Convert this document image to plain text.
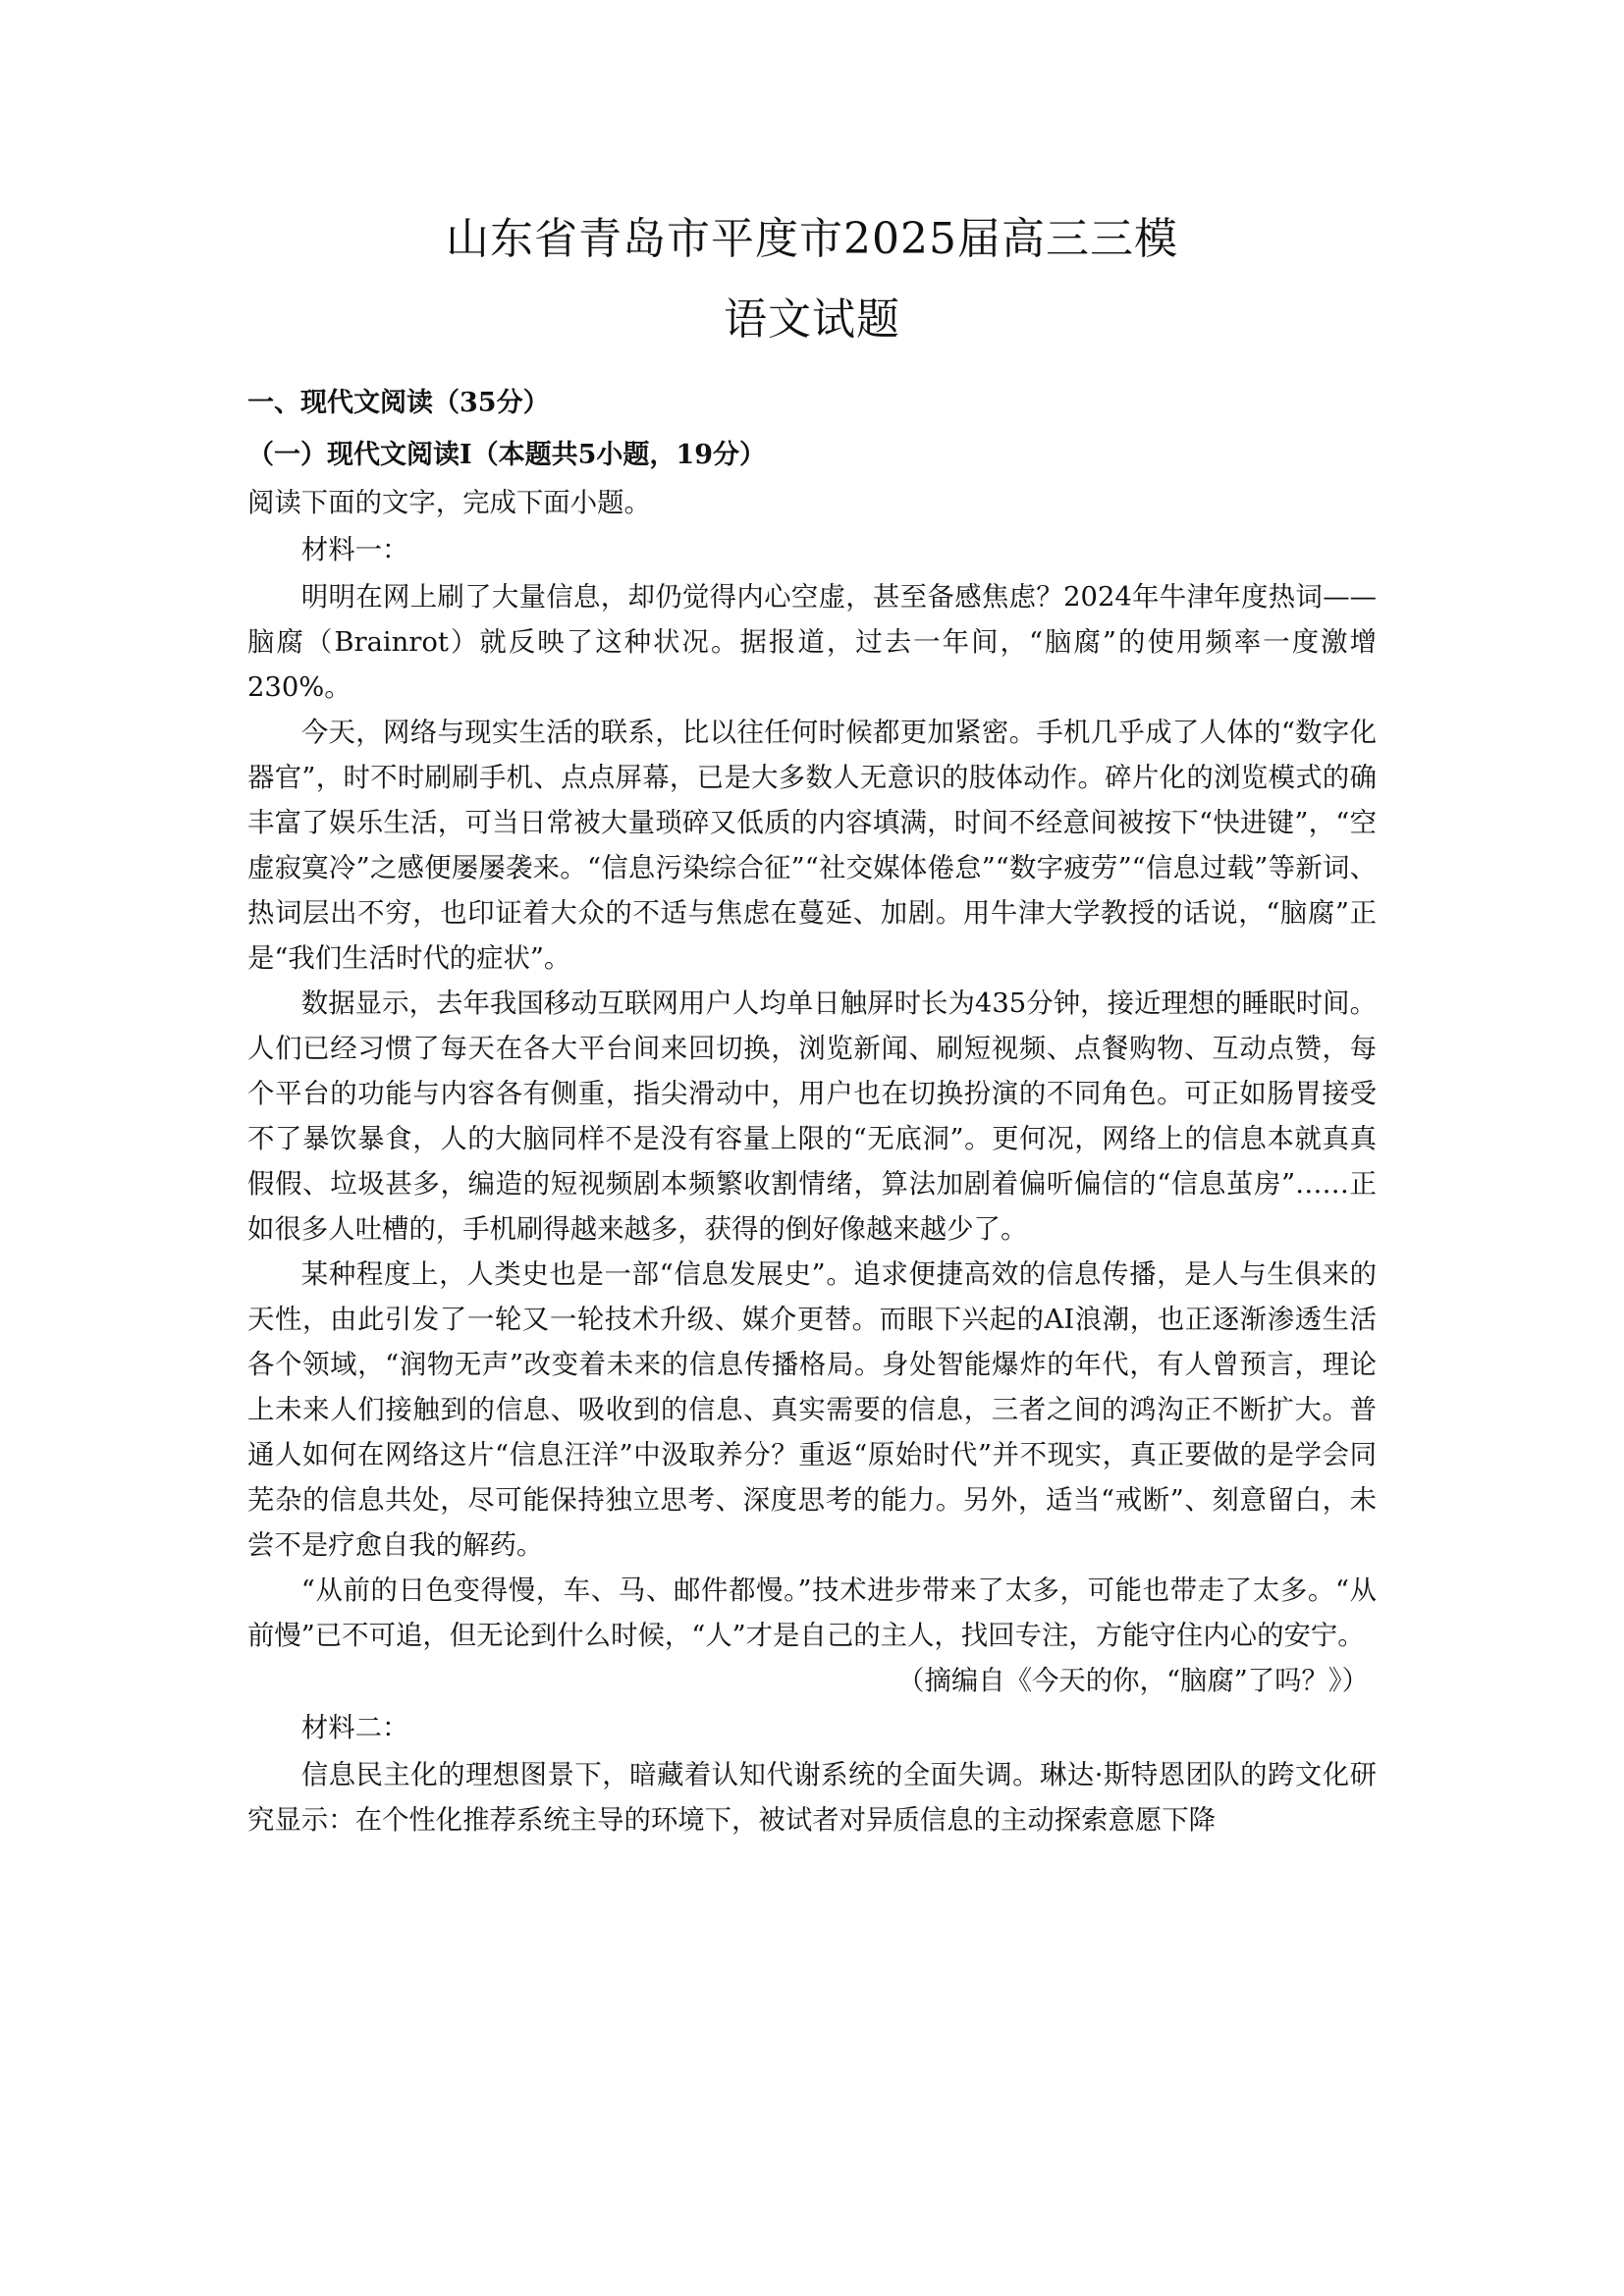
山东省青岛市平度市2025届高三三模
语文试题

一、现代文阅读（35分）

（一）现代文阅读Ⅰ（本题共5小题，19分）

阅读下面的文字，完成下面小题。

材料一：

明明在网上刷了大量信息，却仍觉得内心空虚，甚至备感焦虑？2024年牛津年度热词——脑腐（Brainrot）就反映了这种状况。据报道，过去一年间，“脑腐”的使用频率一度激增230%。

今天，网络与现实生活的联系，比以往任何时候都更加紧密。手机几乎成了人体的“数字化器官”，时不时刷刷手机、点点屏幕，已是大多数人无意识的肢体动作。碎片化的浏览模式的确丰富了娱乐生活，可当日常被大量琐碎又低质的内容填满，时间不经意间被按下“快进键”，“空虚寂寞冷”之感便屡屡袭来。“信息污染综合征”“社交媒体倦怠”“数字疲劳”“信息过载”等新词、热词层出不穷，也印证着大众的不适与焦虑在蔓延、加剧。用牛津大学教授的话说，“脑腐”正是“我们生活时代的症状”。

数据显示，去年我国移动互联网用户人均单日触屏时长为435分钟，接近理想的睡眠时间。人们已经习惯了每天在各大平台间来回切换，浏览新闻、刷短视频、点餐购物、互动点赞，每个平台的功能与内容各有侧重，指尖滑动中，用户也在切换扮演的不同角色。可正如肠胃接受不了暴饮暴食，人的大脑同样不是没有容量上限的“无底洞”。更何况，网络上的信息本就真真假假、垃圾甚多，编造的短视频剧本频繁收割情绪，算法加剧着偏听偏信的“信息茧房”……正如很多人吐槽的，手机刷得越来越多，获得的倒好像越来越少了。

某种程度上，人类史也是一部“信息发展史”。追求便捷高效的信息传播，是人与生俱来的天性，由此引发了一轮又一轮技术升级、媒介更替。而眼下兴起的AI浪潮，也正逐渐渗透生活各个领域，“润物无声”改变着未来的信息传播格局。身处智能爆炸的年代，有人曾预言，理论上未来人们接触到的信息、吸收到的信息、真实需要的信息，三者之间的鸿沟正不断扩大。普通人如何在网络这片“信息汪洋”中汲取养分？重返“原始时代”并不现实，真正要做的是学会同芜杂的信息共处，尽可能保持独立思考、深度思考的能力。另外，适当“戒断”、刻意留白，未尝不是疗愈自我的解药。

“从前的日色变得慢，车、马、邮件都慢。”技术进步带来了太多，可能也带走了太多。“从前慢”已不可追，但无论到什么时候，“人”才是自己的主人，找回专注，方能守住内心的安宁。

（摘编自《今天的你，“脑腐”了吗？》）

材料二：

信息民主化的理想图景下，暗藏着认知代谢系统的全面失调。琳达·斯特恩团队的跨文化研究显示：在个性化推荐系统主导的环境下，被试者对异质信息的主动探索意愿下降
